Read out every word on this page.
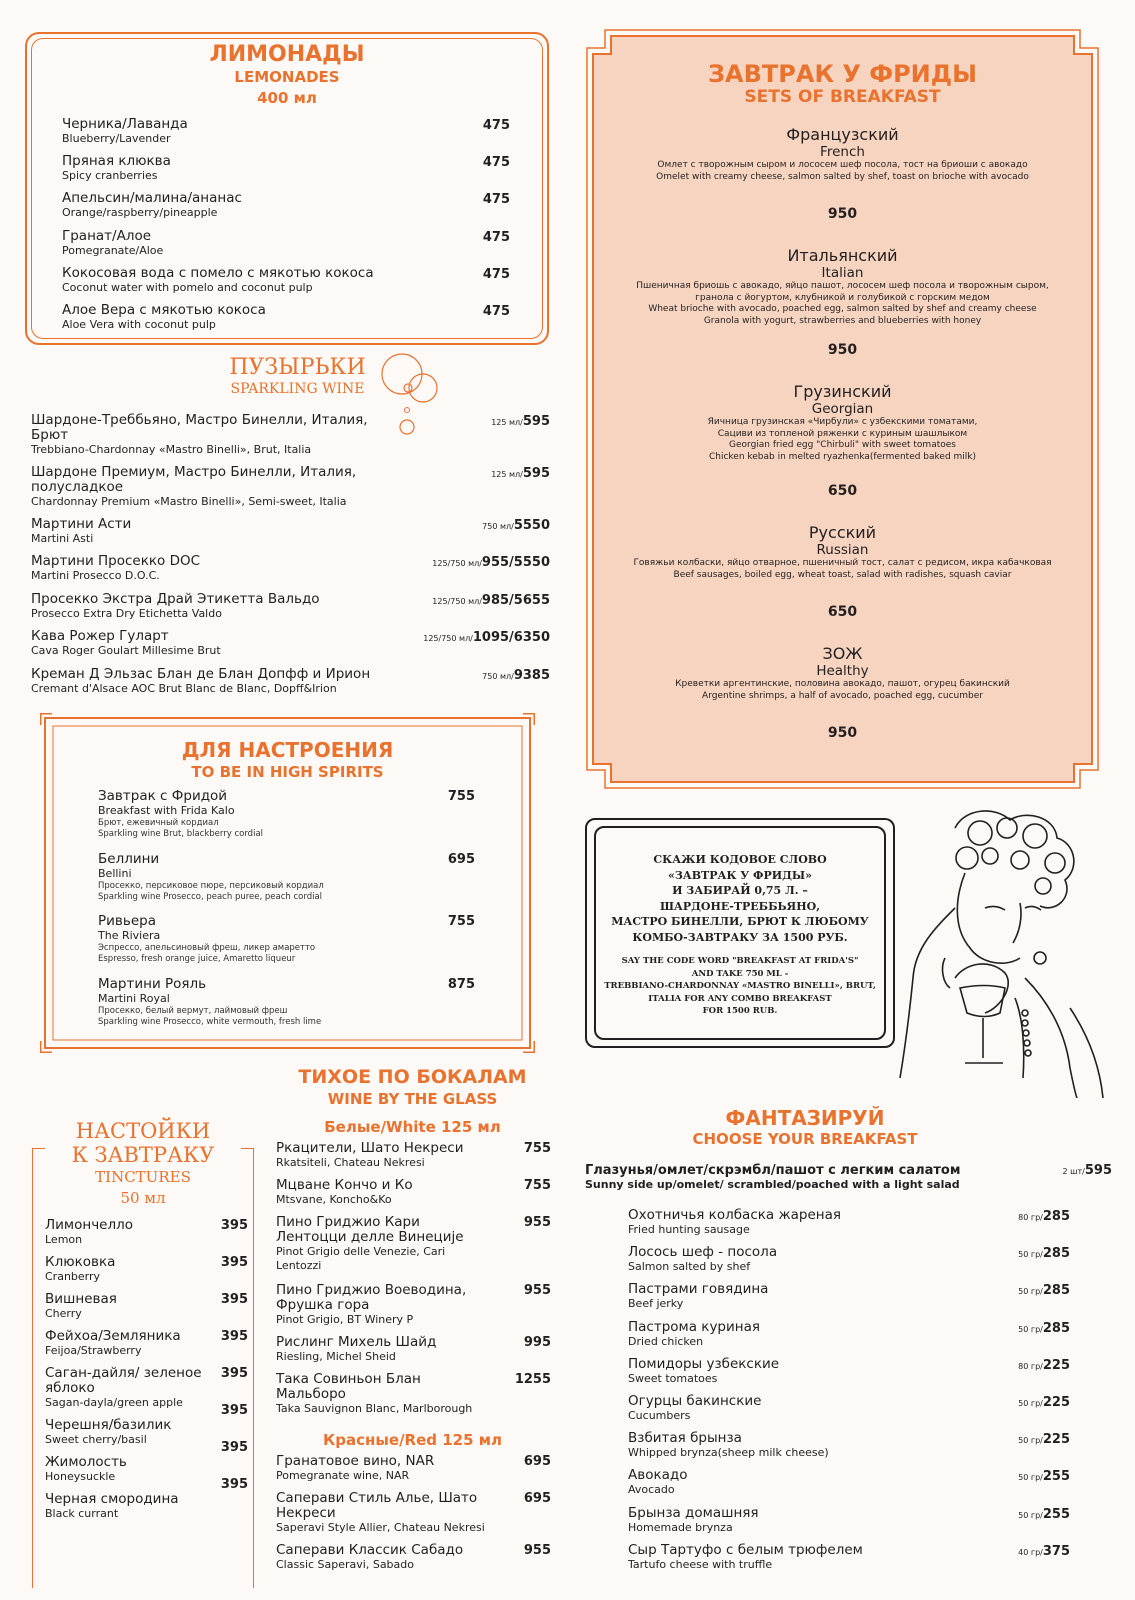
ЛИМОНАДЫ
LEMONADES
400 мл
Черника/Лаванда
Blueberry/Lavender
475
Пряная клюква
Spicy cranberries
475
Апельсин/малина/ананас
Orange/raspberry/pineapple
475
Гранат/Алое
Pomegranate/Aloe
475
Кокосовая вода с помело с мякотью кокоса
Coconut water with pomelo and coconut pulp
475
Алое Вера с мякотью кокоса
Aloe Vera with coconut pulp
475
ПУЗЫРЬКИ
SPARKLING WINE
Шардоне-Треббьяно, Мастро Бинелли, Италия, Брют
Trebbiano-Chardonnay «Mastro Binelli», Brut, Italia
125 мл/595
Шардоне Премиум, Мастро Бинелли, Италия, полусладкое
Chardonnay Premium «Mastro Binelli», Semi-sweet, Italia
125 мл/595
Мартини Асти
Martini Asti
750 мл/5550
Мартини Просекко DOC
Martini Prosecco D.O.C.
125/750 мл/955/5550
Просекко Экстра Драй Этикетта Вальдо
Prosecco Extra Dry Etichetta Valdo
125/750 мл/985/5655
Кава Рожер Гуларт
Cava Roger Goulart Millesime Brut
125/750 мл/1095/6350
Креман Д Эльзас Блан де Блан Допфф и Ирион
Cremant d'Alsace AOC Brut Blanc de Blanc, Dopff&Irion
750 мл/9385
ДЛЯ НАСТРОЕНИЯ
TO BE IN HIGH SPIRITS
Завтрак с Фридой
Breakfast with Frida Kalo
Брют, ежевичный кордиал
Sparkling wine Brut, blackberry cordial
755
Беллини
Bellini
Просекко, персиковое пюре, персиковый кордиал
Sparkling wine Prosecco, peach puree, peach cordial
695
Ривьера
The Riviera
Эспрессо, апельсиновый фреш, ликер амаретто
Espresso, fresh orange juice, Amaretto liqueur
755
Мартини Рояль
Martini Royal
Просекко, белый вермут, лаймовый фреш
Sparkling wine Prosecco, white vermouth, fresh lime
875
НАСТОЙКИ
К ЗАВТРАКУ
TINCTURES
50 мл
Лимончелло
Lemon
395
Клюковка
Cranberry
395
Вишневая
Cherry
395
Фейхоа/Земляника
Feijoa/Strawberry
395
Саган-дайля/ зеленое яблоко
Sagan-dayla/green apple
395
Черешня/базилик
Sweet cherry/basil
395
Жимолость
Honeysuckle
395
Черная смородина
Black currant
395
ТИХОЕ ПО БОКАЛАМ
WINE BY THE GLASS
Белые/White 125 мл
Ркацители, Шато Некреси
Rkatsiteli, Chateau Nekresi
755
Мцване Кончо и Ко
Mtsvane, Koncho&Ko
755
Пино Гриджио Кари Лентоцци делле Винеције
Pinot Grigio delle Venezie, Cari Lentozzi
955
Пино Гриджио Воеводина, Фрушка гора
Pinot Grigio, BT Winery P
955
Рислинг Михель Шайд
Riesling, Michel Sheid
995
Така Совиньон Блан Мальборо
Taka Sauvignon Blanc, Marlborough
1255
Красные/Red 125 мл
Гранатовое вино, NAR
Pomegranate wine, NAR
695
Саперави Стиль Алье, Шато Некреси
Saperavi Style Allier, Chateau Nekresi
695
Саперави Классик Сабадо
Classic Saperavi, Sabado
955
ЗАВТРАК У ФРИДЫ
SETS OF BREAKFAST
Французский
French
Омлет с творожным сыром и лососем шеф посола, тост на бриоши с авокадо
Omelet with creamy cheese, salmon salted by shef, toast on brioche with avocado
950
Итальянский
Italian
Пшеничная бриошь с авокадо, яйцо пашот, лососем шеф посола и творожным сыром,
гранола с йогуртом, клубникой и голубикой с горским медом
Wheat brioche with avocado, poached egg, salmon salted by shef and creamy cheese
Granola with yogurt, strawberries and blueberries with honey
950
Грузинский
Georgian
Яичница грузинская «Чирбули» с узбекскими томатами,
Сациви из топленой ряженки с куриным шашлыком
Georgian fried egg "Chirbuli" with sweet tomatoes
Chicken kebab in melted ryazhenka(fermented baked milk)
650
Русский
Russian
Говяжьи колбаски, яйцо отварное, пшеничный тост, салат с редисом, икра кабачковая
Beef sausages, boiled egg, wheat toast, salad with radishes, squash caviar
650
ЗОЖ
Healthy
Креветки аргентинские, половина авокадо, пашот, огурец бакинский
Argentine shrimps, a half of avocado, poached egg, cucumber
950
СКАЖИ КОДОВОЕ СЛОВО
«ЗАВТРАК У ФРИДЫ»
И ЗАБИРАЙ 0,75 Л. –
ШАРДОНЕ-ТРЕББЬЯНО,
МАСТРО БИНЕЛЛИ, БРЮТ К ЛЮБОМУ
КОМБО-ЗАВТРАКУ ЗА 1500 РУБ.
SAY THE CODE WORD "BREAKFAST AT FRIDA'S"
AND TAKE 750 ML -
TREBBIANO-CHARDONNAY «MASTRO BINELLI», BRUT,
ITALIA FOR ANY COMBO BREAKFAST
FOR 1500 RUB.
ФАНТАЗИРУЙ
CHOOSE YOUR BREAKFAST
Глазунья/омлет/скрэмбл/пашот с легким салатом
Sunny side up/omelet/ scrambled/poached with a light salad
2 шт/595
Охотничья колбаска жареная
Fried hunting sausage
80 гр/285
Лосось шеф - посола
Salmon salted by shef
50 гр/285
Пастрами говядина
Beef jerky
50 гр/285
Пастрома куриная
Dried chicken
50 гр/285
Помидоры узбекские
Sweet tomatoes
80 гр/225
Огурцы бакинские
Cucumbers
50 гр/225
Взбитая брынза
Whipped brynza(sheep milk cheese)
50 гр/225
Авокадо
Avocado
50 гр/255
Брынза домашняя
Homemade brynza
50 гр/255
Сыр Тартуфо с белым трюфелем
Tartufo cheese with truffle
40 гр/375
